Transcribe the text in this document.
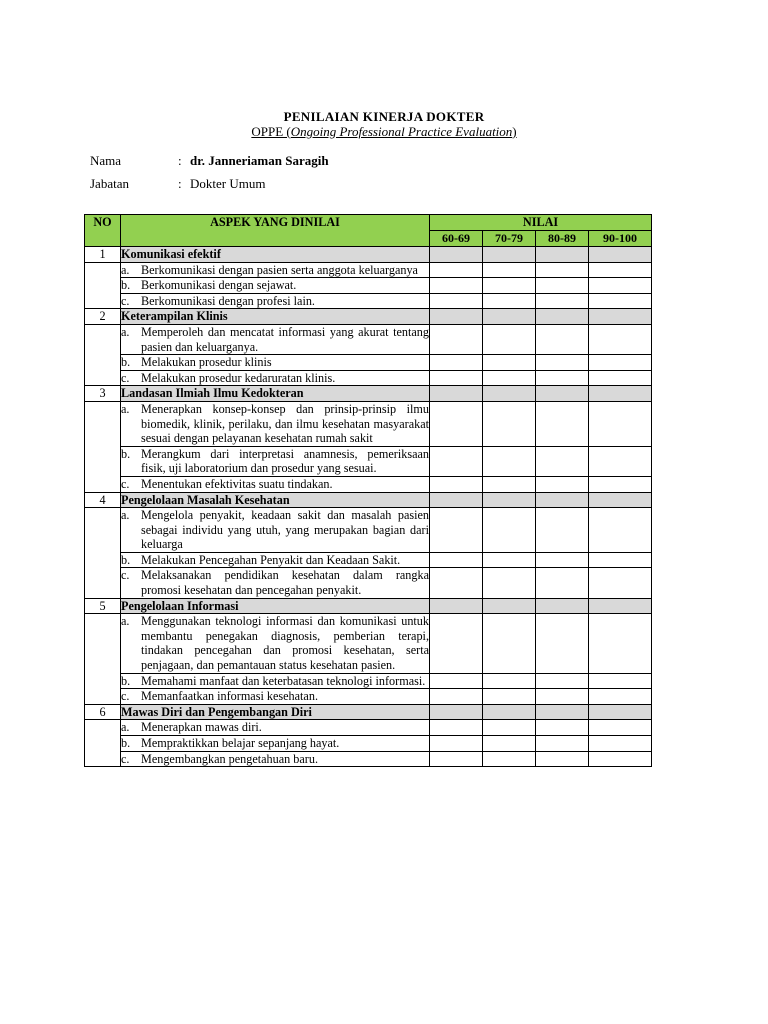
PENILAIAN KINERJA DOKTER
OPPE (Ongoing Professional Practice Evaluation)
Nama	: dr. Janneriaman Saragih
Jabatan	: Dokter Umum
NO	ASPEK YANG DINILAI	NILAI			
		60-69	70-79	80-89	90-100
1	Komunikasi efektif				

	a. Berkomunikasi dengan pasien serta anggota keluarganya				

	b. Berkomunikasi dengan sejawat.				

	c. Berkomunikasi dengan profesi lain.				

2	Keterampilan Klinis				

	a. Memperoleh dan mencatat informasi yang akurat tentang pasien dan keluarganya.				

	b. Melakukan prosedur klinis				

	c. Melakukan prosedur kedaruratan klinis.				

3	Landasan Ilmiah Ilmu Kedokteran				

	a. Menerapkan konsep-konsep dan prinsip-prinsip ilmu biomedik, klinik, perilaku, dan ilmu kesehatan masyarakat sesuai dengan pelayanan kesehatan rumah sakit				

	b. Merangkum dari interpretasi anamnesis, pemeriksaan fisik, uji laboratorium dan prosedur yang sesuai.				

	c. Menentukan efektivitas suatu tindakan.				

4	Pengelolaan Masalah Kesehatan				

	a. Mengelola penyakit, keadaan sakit dan masalah pasien sebagai individu yang utuh, yang merupakan bagian dari keluarga				

	b. Melakukan Pencegahan Penyakit dan Keadaan Sakit.				

	c. Melaksanakan pendidikan kesehatan dalam rangka promosi kesehatan dan pencegahan penyakit.				

5	Pengelolaan Informasi				

	a. Menggunakan teknologi informasi dan komunikasi untuk membantu penegakan diagnosis, pemberian terapi, tindakan pencegahan dan promosi kesehatan, serta penjagaan, dan pemantauan status kesehatan pasien.				

	b. Memahami manfaat dan keterbatasan teknologi informasi.				

	c. Memanfaatkan informasi kesehatan.				

6	Mawas Diri dan Pengembangan Diri				

	a. Menerapkan mawas diri.				

	b. Mempraktikkan belajar sepanjang hayat.				

	c. Mengembangkan pengetahuan baru.				
